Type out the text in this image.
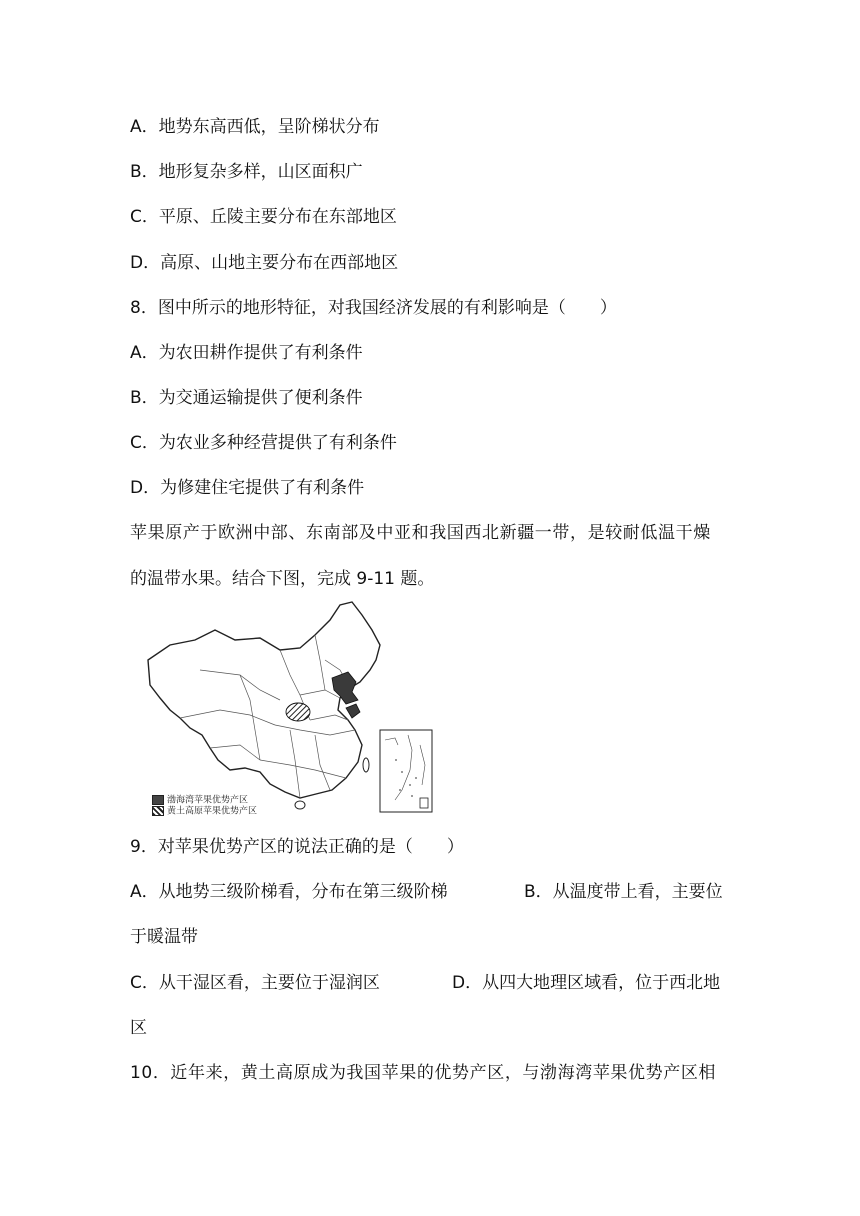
A．地势东高西低，呈阶梯状分布
B．地形复杂多样，山区面积广
C．平原、丘陵主要分布在东部地区
D．高原、山地主要分布在西部地区
8．图中所示的地形特征，对我国经济发展的有利影响是（　　）
A．为农田耕作提供了有利条件
B．为交通运输提供了便利条件
C．为农业多种经营提供了有利条件
D．为修建住宅提供了有利条件
苹果原产于欧洲中部、东南部及中亚和我国西北新疆一带，是较耐低温干燥
的温带水果。结合下图，完成 9-11 题。
渤海湾苹果优势产区
黄土高原苹果优势产区
9．对苹果优势产区的说法正确的是（　　）
A．从地势三级阶梯看，分布在第三级阶梯	B．从温度带上看，主要位
于暖温带
C．从干湿区看，主要位于湿润区	D．从四大地理区域看，位于西北地
区
10．近年来，黄土高原成为我国苹果的优势产区，与渤海湾苹果优势产区相
